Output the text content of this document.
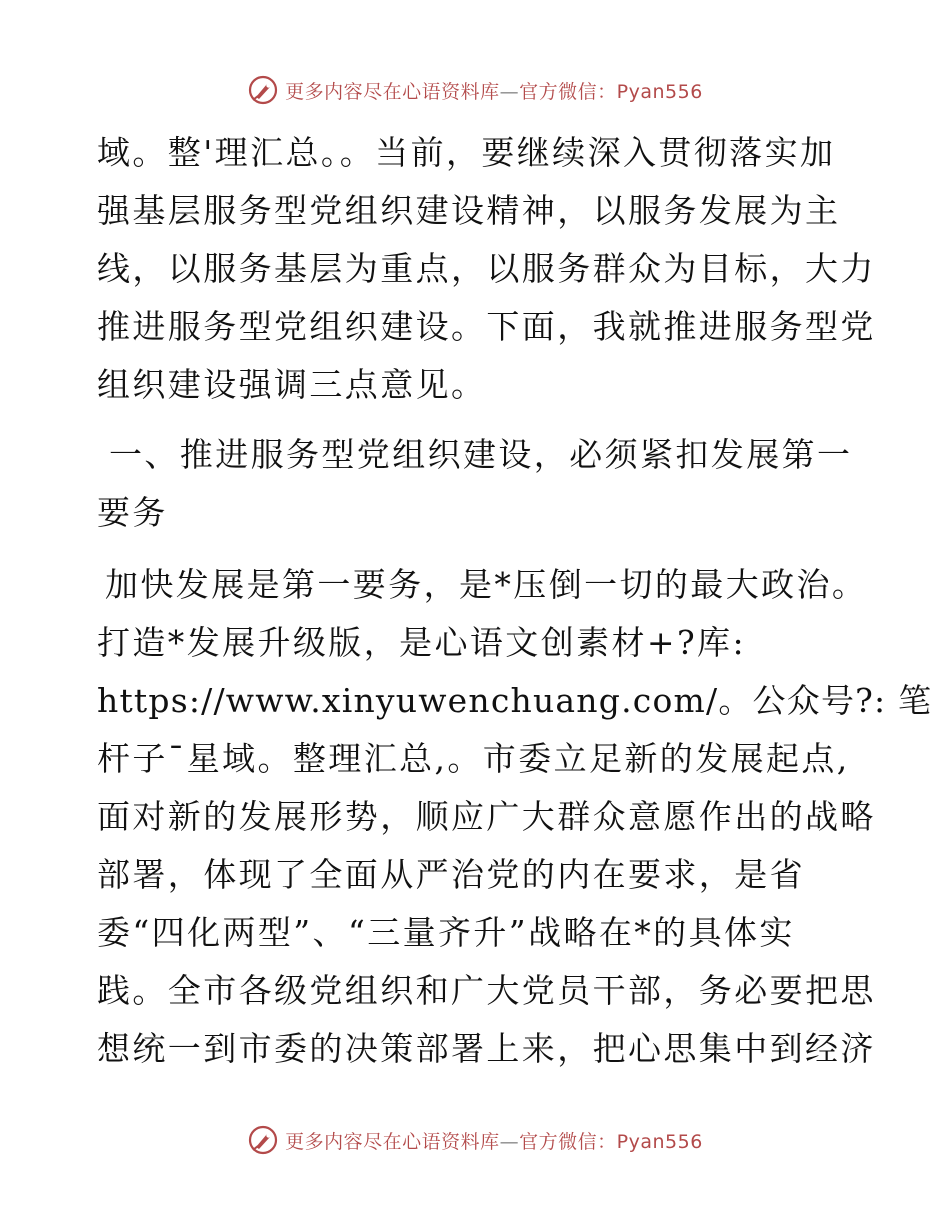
更多内容尽在心语资料库—官方微信：Pyan556

域。整'理汇总。。当前，要继续深入贯彻落实加

强基层服务型党组织建设精神，以服务发展为主

线，以服务基层为重点，以服务群众为目标，大力

推进服务型党组织建设。下面，我就推进服务型党

组织建设强调三点意见。

一、推进服务型党组织建设，必须紧扣发展第一

要务

加快发展是第一要务，是*压倒一切的最大政治。

打造*发展升级版，是心语文创素材+?库:

https://www.xinyuwenchuang.com/。公众号?: 笔

杆子¯星域。整理汇总,。市委立足新的发展起点,

面对新的发展形势，顺应广大群众意愿作出的战略

部署，体现了全面从严治党的内在要求，是省

委“四化两型”、“三量齐升”战略在*的具体实

践。全市各级党组织和广大党员干部，务必要把思

想统一到市委的决策部署上来，把心思集中到经济

更多内容尽在心语资料库—官方微信：Pyan556
